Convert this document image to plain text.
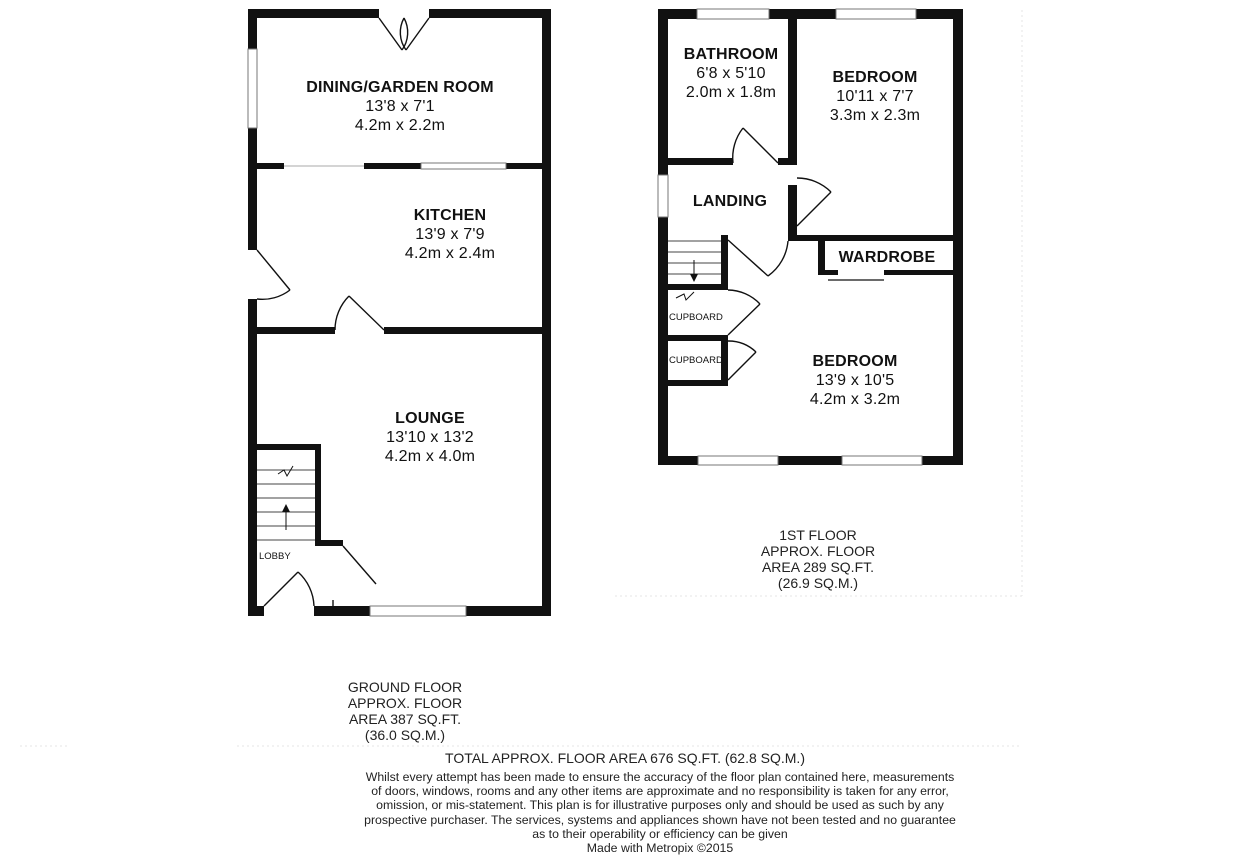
DINING/GARDEN ROOM
13'8 x 7'1
4.2m x 2.2m
KITCHEN
13'9 x 7'9
4.2m x 2.4m
LOUNGE
13'10 x 13'2
4.2m x 4.0m
LOBBY
GROUND FLOOR
APPROX. FLOOR
AREA 387 SQ.FT.
(36.0 SQ.M.)
BATHROOM
6'8 x 5'10
2.0m x 1.8m
BEDROOM
10'11 x 7'7
3.3m x 2.3m
LANDING
WARDROBE
BEDROOM
13'9 x 10'5
4.2m x 3.2m
CUPBOARD
CUPBOARD
1ST FLOOR
APPROX. FLOOR
AREA 289 SQ.FT.
(26.9 SQ.M.)
TOTAL APPROX. FLOOR AREA 676 SQ.FT. (62.8 SQ.M.)
Whilst every attempt has been made to ensure the accuracy of the floor plan contained here, measurements
of doors, windows, rooms and any other items are approximate and no responsibility is taken for any error,
omission, or mis-statement. This plan is for illustrative purposes only and should be used as such by any
prospective purchaser. The services, systems and appliances shown have not been tested and no guarantee
as to their operability or efficiency can be given
Made with Metropix ©2015
